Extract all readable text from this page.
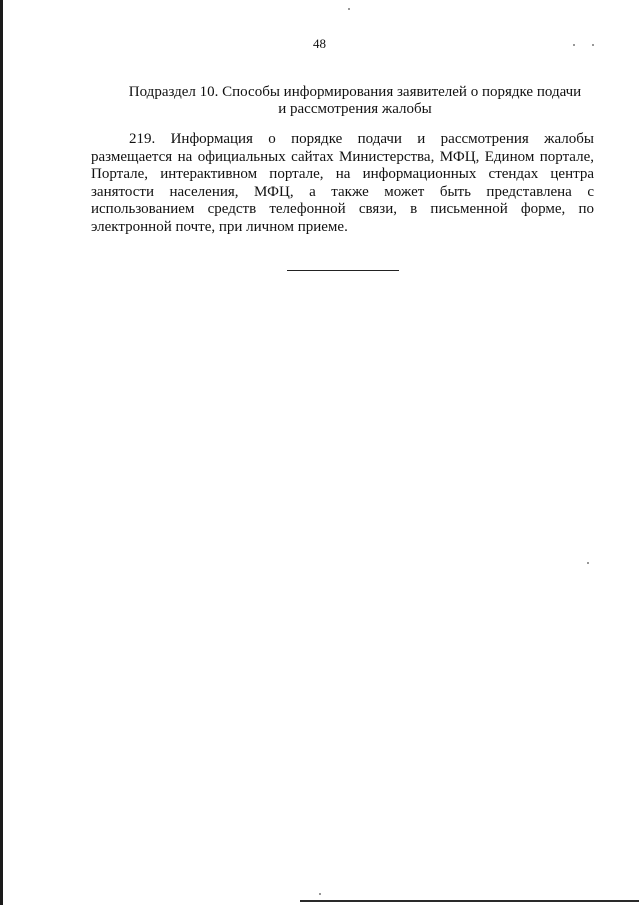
48
Подраздел 10. Способы информирования заявителей о порядке подачи
и рассмотрения жалобы
219. Информация о порядке подачи и рассмотрения жалобы размещается на официальных сайтах Министерства, МФЦ, Едином портале, Портале, интерактивном портале, на информационных стендах центра занятости населения, МФЦ, а также может быть представлена с использованием средств телефонной связи, в письменной форме, по электронной почте, при личном приеме.
